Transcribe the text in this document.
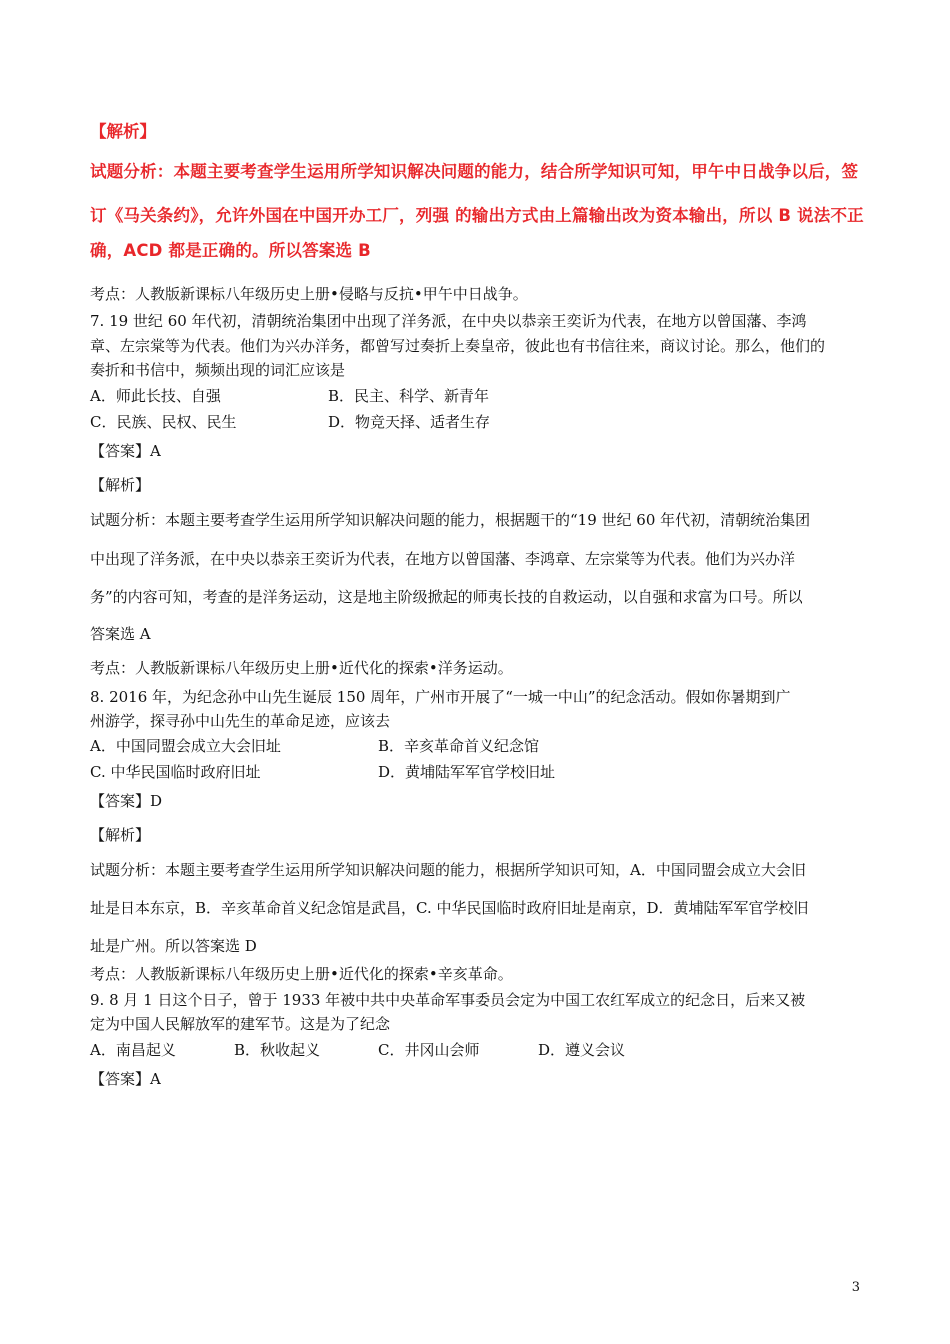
【解析】
试题分析：本题主要考查学生运用所学知识解决问题的能力，结合所学知识可知，甲午中日战争以后，签
订《马关条约》，允许外国在中国开办工厂，列强 的输出方式由上篇输出改为资本输出，所以 B 说法不正
确，ACD 都是正确的。所以答案选 B
考点：人教版新课标八年级历史上册•侵略与反抗•甲午中日战争。
7. 19 世纪 60 年代初，清朝统治集团中出现了洋务派，在中央以恭亲王奕䜣为代表，在地方以曾国藩、李鸿
章、左宗棠等为代表。他们为兴办洋务，都曾写过奏折上奏皇帝，彼此也有书信往来，商议讨论。那么，他们的
奏折和书信中，频频出现的词汇应该是
A．师此长技、自强	B．民主、科学、新青年
C．民族、民权、民生	D．物竞天择、适者生存
【答案】A
【解析】
试题分析：本题主要考查学生运用所学知识解决问题的能力，根据题干的“19 世纪 60 年代初，清朝统治集团
中出现了洋务派，在中央以恭亲王奕䜣为代表，在地方以曾国藩、李鸿章、左宗棠等为代表。他们为兴办洋
务”的内容可知，考查的是洋务运动，这是地主阶级掀起的师夷长技的自救运动，以自强和求富为口号。所以
答案选 A
考点：人教版新课标八年级历史上册•近代化的探索•洋务运动。
8. 2016 年，为纪念孙中山先生诞辰 150 周年，广州市开展了“一城一中山”的纪念活动。假如你暑期到广
州游学，探寻孙中山先生的革命足迹，应该去
A．中国同盟会成立大会旧址	B．辛亥革命首义纪念馆
C. 中华民国临时政府旧址	D．黄埔陆军军官学校旧址
【答案】D
【解析】
试题分析：本题主要考查学生运用所学知识解决问题的能力，根据所学知识可知，A．中国同盟会成立大会旧
址是日本东京，B．辛亥革命首义纪念馆是武昌，C. 中华民国临时政府旧址是南京，D．黄埔陆军军官学校旧
址是广州。所以答案选 D
考点：人教版新课标八年级历史上册•近代化的探索•辛亥革命。
9. 8 月 1 日这个日子，曾于 1933 年被中共中央革命军事委员会定为中国工农红军成立的纪念日，后来又被
定为中国人民解放军的建军节。这是为了纪念
A．南昌起义	B．秋收起义	C．井冈山会师	D．遵义会议
【答案】A
3
